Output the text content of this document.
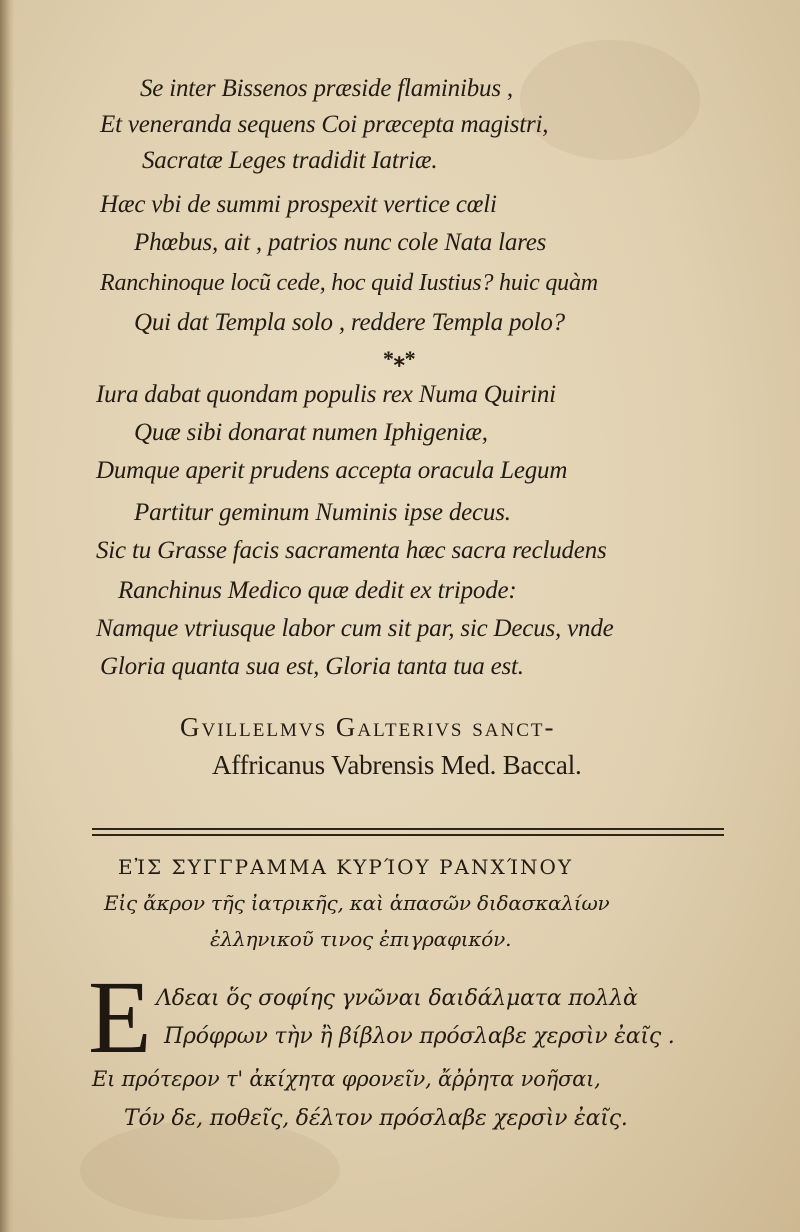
Se inter Bissenos præside flaminibus ,
Et veneranda sequens Coi præcepta magistri,
Sacratæ Leges tradidit Iatriæ.
Hæc vbi de summi prospexit vertice cœli
Phœbus, ait , patrios nunc cole Nata lares
Ranchinoque locũ cede, hoc quid Iustius? huic quàm
Qui dat Templa solo , reddere Templa polo?
*⁎*
Iura dabat quondam populis rex Numa Quirini
Quæ sibi donarat numen Iphigeniæ,
Dumque aperit prudens accepta oracula Legum
Partitur geminum Numinis ipse decus.
Sic tu Grasse facis sacramenta hæc sacra recludens
Ranchinus Medico quæ dedit ex tripode:
Namque vtriusque labor cum sit par, sic Decus, vnde
Gloria quanta sua est, Gloria tanta tua est.
Gvillelmvs Galterivs sanct-
Affricanus Vabrensis Med. Baccal.
ΕἸΣ ΣΥΓΓΡΑΜΜΑ ΚΥΡΊΟΥ ΡΑΝΧΊΝΟΥ
Εἰς ἄκρον τῆς ἰατρικῆς, καὶ ἁπασῶν διδασκαλίων
ἐλληνικοῦ τινος ἐπιγραφικόν.
Ε Λδεαι ὅς σοφίης γνῶναι δαιδάλματα πολλὰ
Πρόφρων τὴν ἢ βίβλον πρόσλαβε χερσὶν ἐαῖς .
Ει πρότερον τ' ἀκίχητα φρονεῖν, ἄῤῥητα νοῆσαι,
Τόν δε, ποθεῖς, δέλτον πρόσλαβε χερσὶν ἐαῖς.
